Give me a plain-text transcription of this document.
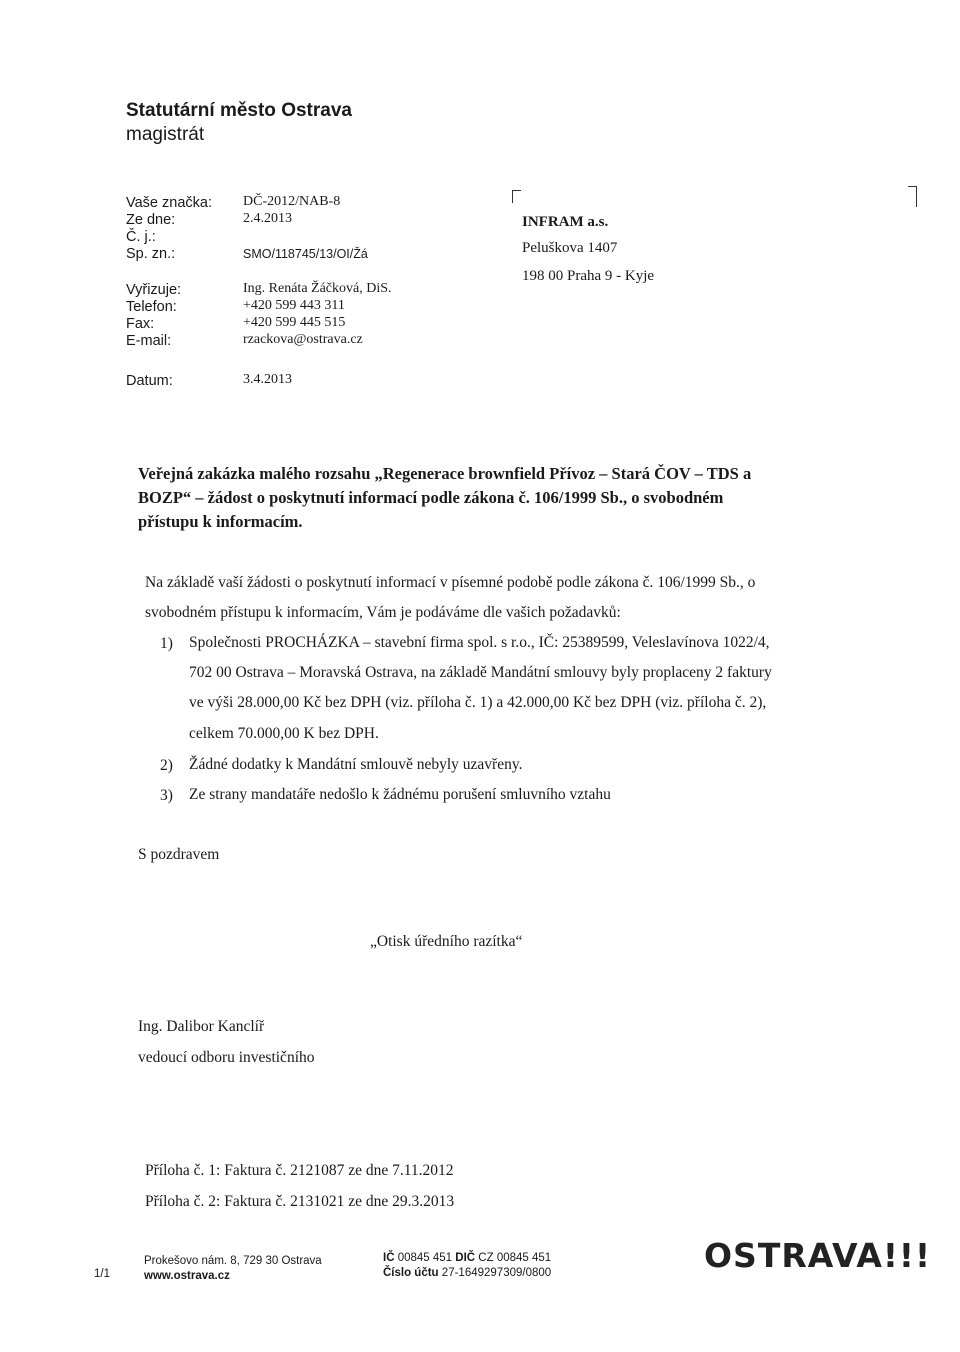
Statutární město Ostrava
magistrát
Vaše značka:
Ze dne:
Č. j.:
Sp. zn.:
Vyřizuje:
Telefon:
Fax:
E-mail:
Datum:
DČ-2012/NAB-8
2.4.2013
SMO/118745/13/OI/Žá
Ing. Renáta Žáčková, DiS.
+420 599 443 311
+420 599 445 515
rzackova@ostrava.cz
3.4.2013
INFRAM a.s.
Peluškova 1407
198 00 Praha 9 - Kyje
Veřejná zakázka malého rozsahu „Regenerace brownfield Přívoz – Stará ČOV – TDS a
BOZP“ – žádost o poskytnutí informací podle zákona č. 106/1999 Sb., o svobodném
přístupu k informacím.
Na základě vaší žádosti o poskytnutí informací v písemné podobě podle zákona č. 106/1999 Sb., o
svobodném přístupu k informacím, Vám je podáváme dle vašich požadavků:
1) Společnosti PROCHÁZKA – stavební firma spol. s r.o., IČ: 25389599, Veleslavínova 1022/4,
702 00 Ostrava – Moravská Ostrava, na základě Mandátní smlouvy byly proplaceny 2 faktury
ve výši 28.000,00 Kč bez DPH (viz. příloha č. 1) a 42.000,00 Kč bez DPH (viz. příloha č. 2),
celkem 70.000,00 K bez DPH.
2) Žádné dodatky k Mandátní smlouvě nebyly uzavřeny.
3) Ze strany mandatáře nedošlo k žádnému porušení smluvního vztahu
S pozdravem
„Otisk úředního razítka“
Ing. Dalibor Kanclíř
vedoucí odboru investičního
Příloha č. 1: Faktura č. 2121087 ze dne 7.11.2012
Příloha č. 2: Faktura č. 2131021 ze dne 29.3.2013
1/1
Prokešovo nám. 8, 729 30 Ostrava
www.ostrava.cz
IČ 00845 451 DIČ CZ 00845 451
Číslo účtu 27-1649297309/0800	OSTRAVA!!!
